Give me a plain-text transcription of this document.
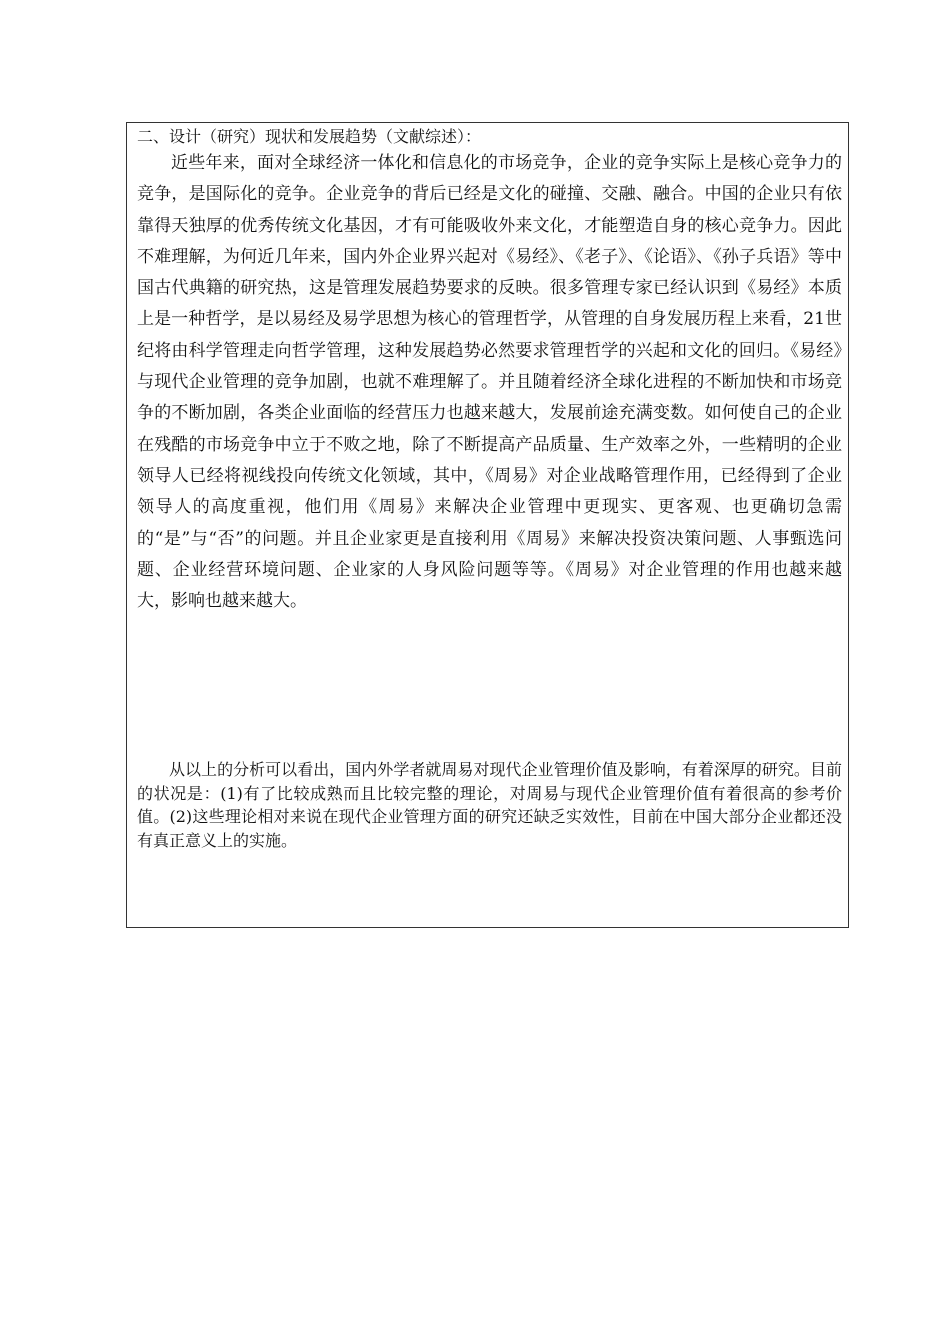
二、设计（研究）现状和发展趋势（文献综述）：

近些年来，面对全球经济一体化和信息化的市场竞争，企业的竞争实际上是核心竞争力的竞争，是国际化的竞争。企业竞争的背后已经是文化的碰撞、交融、融合。中国的企业只有依靠得天独厚的优秀传统文化基因，才有可能吸收外来文化，才能塑造自身的核心竞争力。因此不难理解，为何近几年来，国内外企业界兴起对《易经》、《老子》、《论语》、《孙子兵语》等中国古代典籍的研究热，这是管理发展趋势要求的反映。很多管理专家已经认识到《易经》本质上是一种哲学，是以易经及易学思想为核心的管理哲学，从管理的自身发展历程上来看，21世纪将由科学管理走向哲学管理，这种发展趋势必然要求管理哲学的兴起和文化的回归。《易经》与现代企业管理的竞争加剧，也就不难理解了。并且随着经济全球化进程的不断加快和市场竞争的不断加剧，各类企业面临的经营压力也越来越大，发展前途充满变数。如何使自己的企业在残酷的市场竞争中立于不败之地，除了不断提高产品质量、生产效率之外，一些精明的企业领导人已经将视线投向传统文化领域，其中，《周易》对企业战略管理作用，已经得到了企业领导人的高度重视，他们用《周易》来解决企业管理中更现实、更客观、也更确切急需的“是”与“否”的问题。并且企业家更是直接利用《周易》来解决投资决策问题、人事甄选问题、企业经营环境问题、企业家的人身风险问题等等。《周易》对企业管理的作用也越来越大，影响也越来越大。

从以上的分析可以看出，国内外学者就周易对现代企业管理价值及影响，有着深厚的研究。目前的状况是：(1)有了比较成熟而且比较完整的理论，对周易与现代企业管理价值有着很高的参考价值。(2)这些理论相对来说在现代企业管理方面的研究还缺乏实效性，目前在中国大部分企业都还没有真正意义上的实施。
